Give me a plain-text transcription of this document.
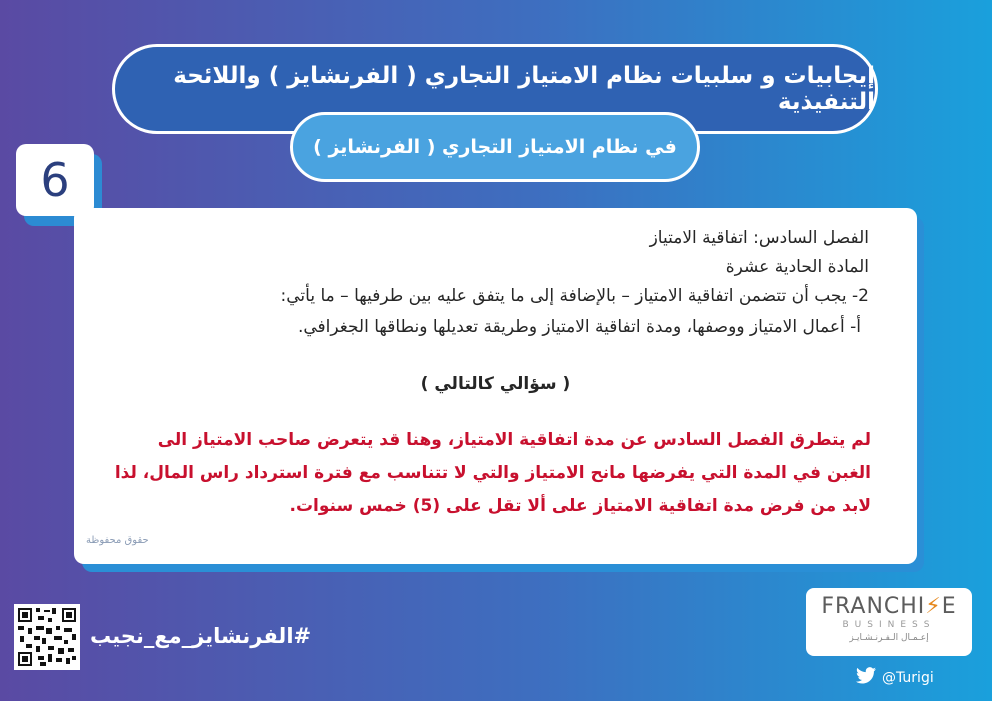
إيجابيات و سلبيات نظام الامتياز التجاري ( الفرنشايز ) واللائحة التنفيذية
في نظام الامتياز التجاري ( الفرنشايز )
6
الفصل السادس: اتفاقية الامتياز
المادة الحادية عشرة
2- يجب أن تتضمن اتفاقية الامتياز – بالإضافة إلى ما يتفق عليه بين طرفيها – ما يأتي:
أ- أعمال الامتياز ووصفها، ومدة اتفاقية الامتياز وطريقة تعديلها ونطاقها الجغرافي.
( سؤالي كالتالي )
لم يتطرق الفصل السادس عن مدة اتفاقية الامتياز، وهنا قد يتعرض صاحب الامتياز الى الغبن في المدة التي يفرضها مانح الامتياز والتي لا تتناسب مع فترة استرداد راس المال، لذا لابد من فرض مدة اتفاقية الامتياز على ألا تقل على (5) خمس سنوات.
حقوق محفوظة
#الفرنشايز_مع_نجيب
FRANCHI⚡E
BUSINESS
إعـمـال الـفـرنـشـايـز
@Turigi
